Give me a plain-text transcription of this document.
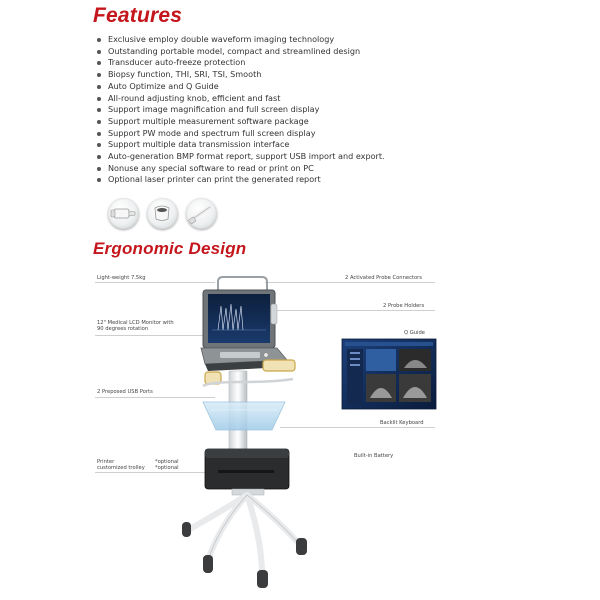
Features
Exclusive employ double waveform imaging technology
Outstanding portable model, compact and streamlined design
Transducer auto-freeze protection
Biopsy function, THI, SRI, TSI, Smooth
Auto Optimize and Q Guide
All-round adjusting knob, efficient and fast
Support image magnification and full screen display
Support multiple measurement software package
Support PW mode and spectrum full screen display
Support multiple data transmission interface
Auto-generation BMP format report, support USB import and export.
Nonuse any special software to read or print on PC
Optional laser printer can print the generated report
Ergonomic Design
Light-weight 7.5kg	2 Activated Probe Connectors
2 Probe Holders
12" Medical LCD Monitor with
90 degrees rotation
Q Guide
2 Preposed USB Ports
Backlit Keyboard
Built-in Battery
Printer
customized trolley
*optional
*optional
